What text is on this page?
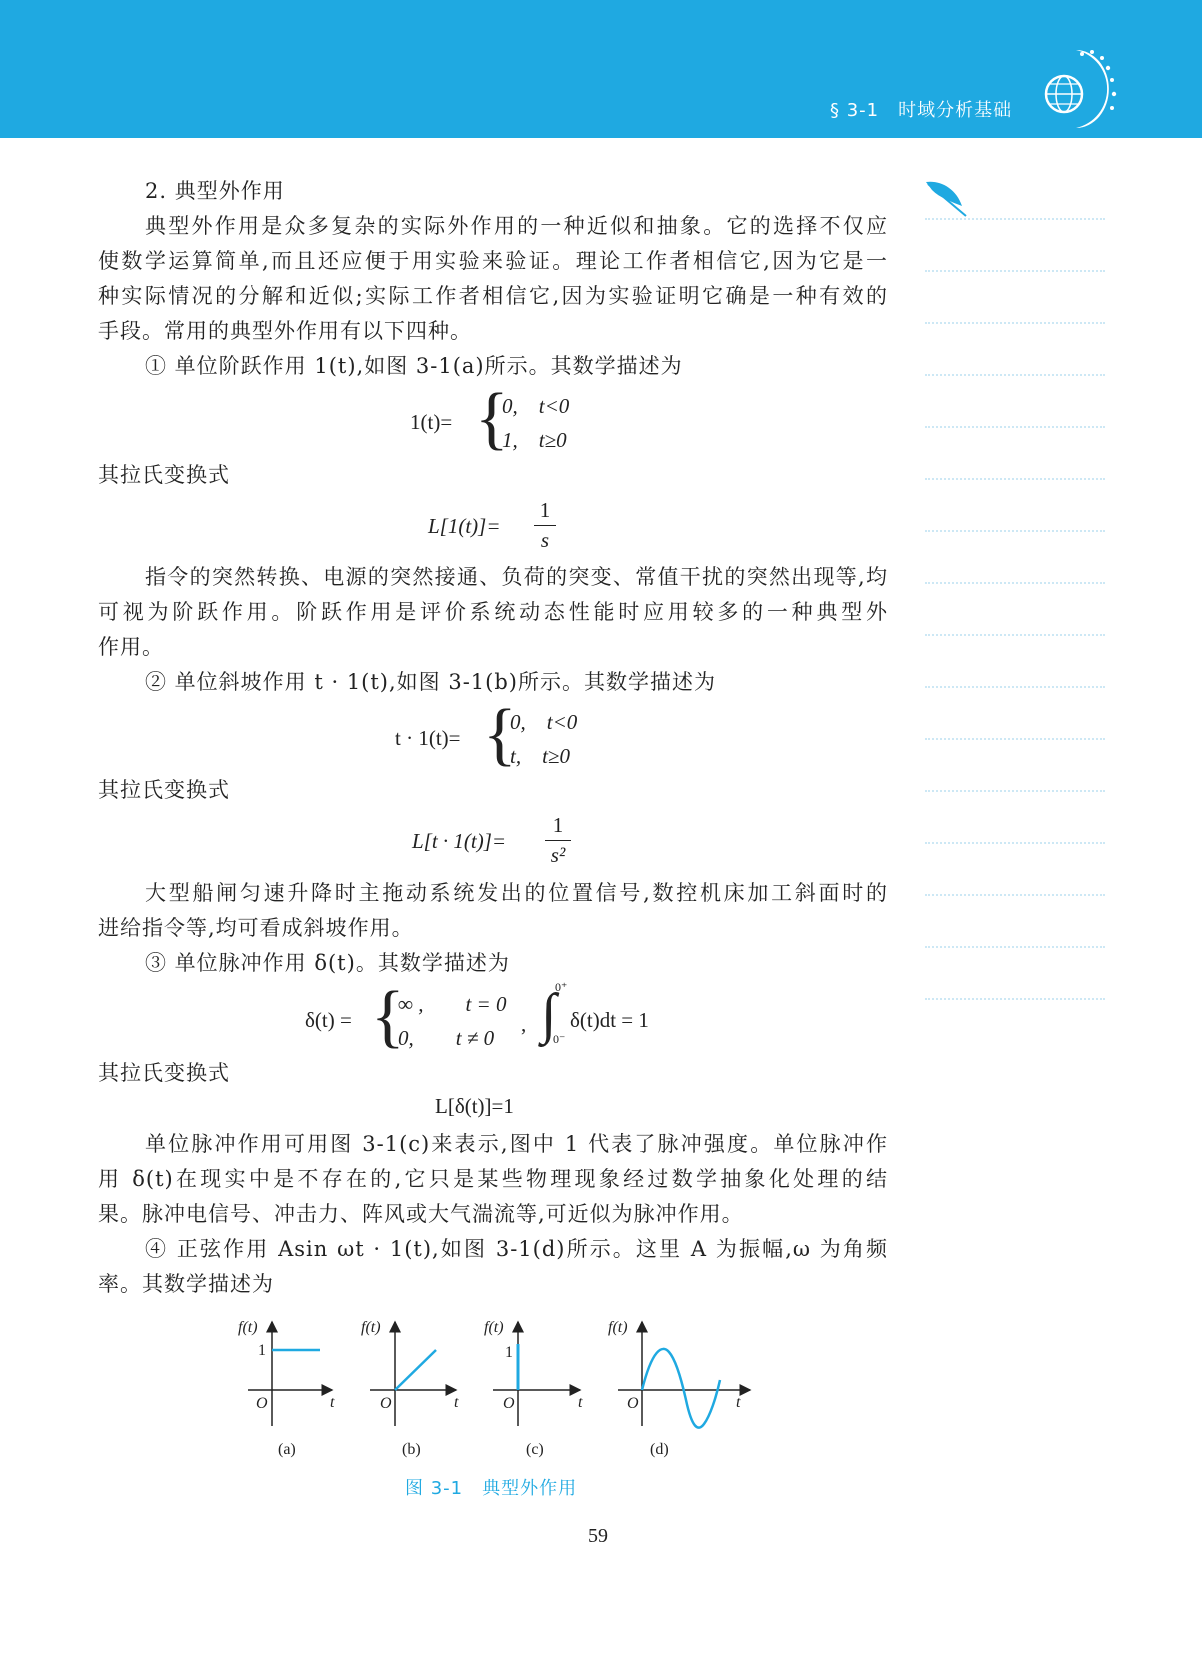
§ 3-1　时域分析基础
2. 典型外作用
典型外作用是众多复杂的实际外作用的一种近似和抽象。它的选择不仅应
使数学运算简单,而且还应便于用实验来验证。理论工作者相信它,因为它是一
种实际情况的分解和近似;实际工作者相信它,因为实验证明它确是一种有效的
手段。常用的典型外作用有以下四种。
① 单位阶跃作用 1(t),如图 3-1(a)所示。其数学描述为
1(t)= {
0,　t<0
1,　t≥0
其拉氏变换式
L[1(t)]=
1
s
指令的突然转换、电源的突然接通、负荷的突变、常值干扰的突然出现等,均
可视为阶跃作用。阶跃作用是评价系统动态性能时应用较多的一种典型外
作用。
② 单位斜坡作用 t · 1(t),如图 3-1(b)所示。其数学描述为
t · 1(t)= {
0,　t<0
t,　t≥0
其拉氏变换式
L[t · 1(t)]=
1
s²
大型船闸匀速升降时主拖动系统发出的位置信号,数控机床加工斜面时的
进给指令等,均可看成斜坡作用。
③ 单位脉冲作用 δ(t)。其数学描述为
δ(t) = {
∞ ,　　t = 0
0,　　t ≠ 0
, ∫
0⁺
0⁻
δ(t)dt = 1
其拉氏变换式
L[δ(t)]=1
单位脉冲作用可用图 3-1(c)来表示,图中 1 代表了脉冲强度。单位脉冲作
用 δ(t)在现实中是不存在的,它只是某些物理现象经过数学抽象化处理的结
果。脉冲电信号、冲击力、阵风或大气湍流等,可近似为脉冲作用。
④ 正弦作用 Asin ωt · 1(t),如图 3-1(d)所示。这里 A 为振幅,ω 为角频
率。其数学描述为
f(t)
1
O	t
f(t)
O	t
f(t)
1
O	t
f(t)
O	t
(a)	(b)	(c)	(d)
图 3-1　典型外作用
59
